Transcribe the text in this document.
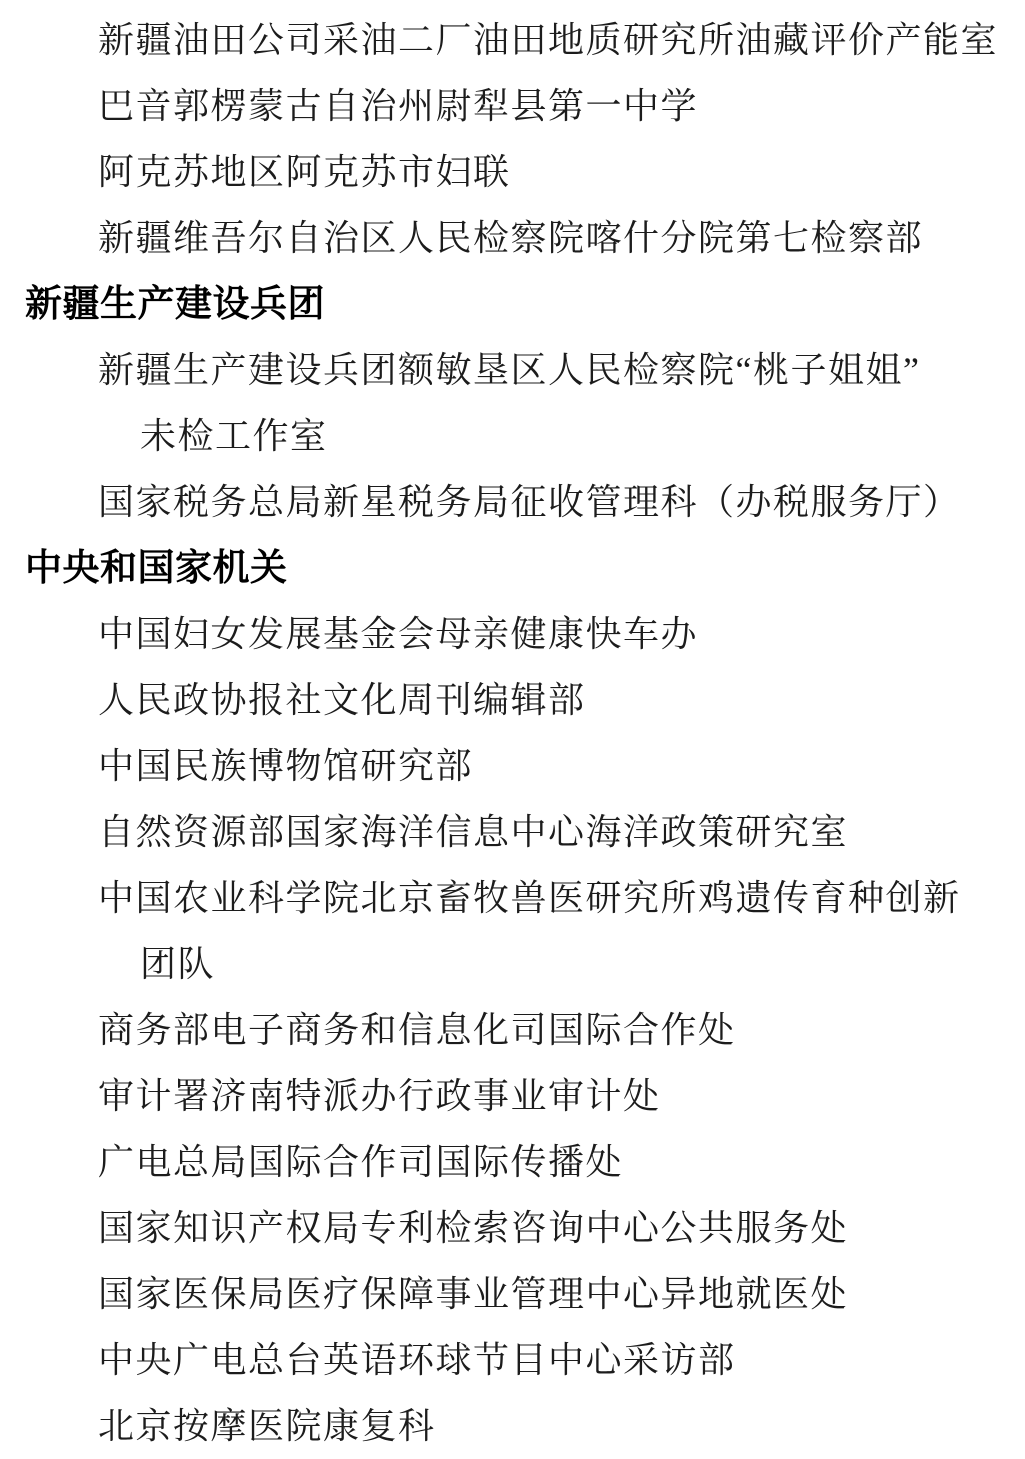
新疆油田公司采油二厂油田地质研究所油藏评价产能室
巴音郭楞蒙古自治州尉犁县第一中学
阿克苏地区阿克苏市妇联
新疆维吾尔自治区人民检察院喀什分院第七检察部
新疆生产建设兵团
新疆生产建设兵团额敏垦区人民检察院“桃子姐姐”
未检工作室
国家税务总局新星税务局征收管理科（办税服务厅）
中央和国家机关
中国妇女发展基金会母亲健康快车办
人民政协报社文化周刊编辑部
中国民族博物馆研究部
自然资源部国家海洋信息中心海洋政策研究室
中国农业科学院北京畜牧兽医研究所鸡遗传育种创新
团队
商务部电子商务和信息化司国际合作处
审计署济南特派办行政事业审计处
广电总局国际合作司国际传播处
国家知识产权局专利检索咨询中心公共服务处
国家医保局医疗保障事业管理中心异地就医处
中央广电总台英语环球节目中心采访部
北京按摩医院康复科
